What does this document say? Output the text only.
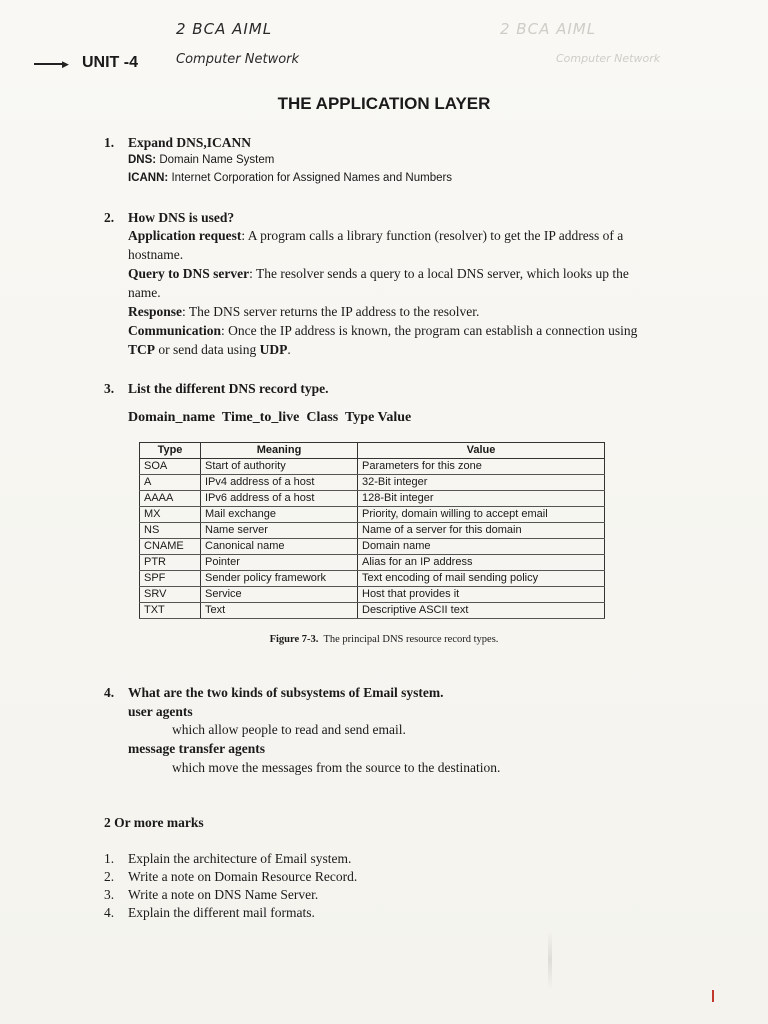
2 BCA AIML
Computer Network
2 BCA AIML
Computer Network
▶ UNIT -4
THE APPLICATION LAYER
1. Expand DNS,ICANN
DNS: Domain Name System
ICANN: Internet Corporation for Assigned Names and Numbers
2. How DNS is used?
Application request: A program calls a library function (resolver) to get the IP address of a
hostname.
Query to DNS server: The resolver sends a query to a local DNS server, which looks up the
name.
Response: The DNS server returns the IP address to the resolver.
Communication: Once the IP address is known, the program can establish a connection using
TCP or send data using UDP.
3. List the different DNS record type.
Domain_name  Time_to_live  Class  Type Value
Type	Meaning	Value
SOA	Start of authority	Parameters for this zone
A	IPv4 address of a host	32-Bit integer
AAAA	IPv6 address of a host	128-Bit integer
MX	Mail exchange	Priority, domain willing to accept email
NS	Name server	Name of a server for this domain
CNAME	Canonical name	Domain name
PTR	Pointer	Alias for an IP address
SPF	Sender policy framework	Text encoding of mail sending policy
SRV	Service	Host that provides it
TXT	Text	Descriptive ASCII text
Figure 7-3.  The principal DNS resource record types.
4. What are the two kinds of subsystems of Email system.
user agents
which allow people to read and send email.
message transfer agents
which move the messages from the source to the destination.
2 Or more marks
1. Explain the architecture of Email system.
2. Write a note on Domain Resource Record.
3. Write a note on DNS Name Server.
4. Explain the different mail formats.
